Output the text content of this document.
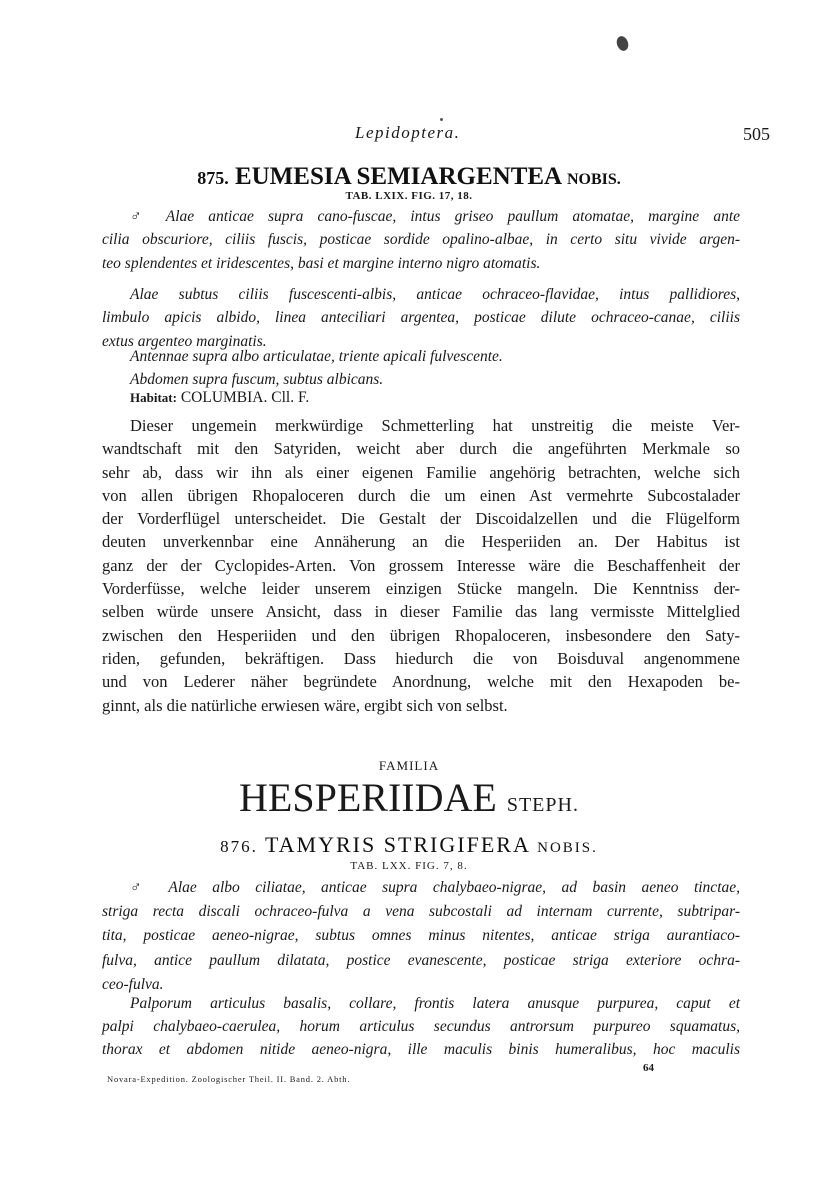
Lepidoptera.	505
875. EUMESIA SEMIARGENTEA NOBIS.
TAB. LXIX. FIG. 17, 18.
♂ Alae anticae supra cano-fuscae, intus griseo paullum atomatae, margine ante
cilia obscuriore, ciliis fuscis, posticae sordide opalino-albae, in certo situ vivide argen-
teo splendentes et iridescentes, basi et margine interno nigro atomatis.
Alae subtus ciliis fuscescenti-albis, anticae ochraceo-flavidae, intus pallidiores,
limbulo apicis albido, linea anteciliari argentea, posticae dilute ochraceo-canae, ciliis
extus argenteo marginatis.
Antennae supra albo articulatae, triente apicali fulvescente.
Abdomen supra fuscum, subtus albicans.
Habitat: COLUMBIA. Cll. F.
Dieser ungemein merkwürdige Schmetterling hat unstreitig die meiste Ver-
wandtschaft mit den Satyriden, weicht aber durch die angeführten Merkmale so
sehr ab, dass wir ihn als einer eigenen Familie angehörig betrachten, welche sich
von allen übrigen Rhopaloceren durch die um einen Ast vermehrte Subcostalader
der Vorderflügel unterscheidet. Die Gestalt der Discoidalzellen und die Flügelform
deuten unverkennbar eine Annäherung an die Hesperiiden an. Der Habitus ist
ganz der der Cyclopides-Arten. Von grossem Interesse wäre die Beschaffenheit der
Vorderfüsse, welche leider unserem einzigen Stücke mangeln. Die Kenntniss der-
selben würde unsere Ansicht, dass in dieser Familie das lang vermisste Mittelglied
zwischen den Hesperiiden und den übrigen Rhopaloceren, insbesondere den Saty-
riden, gefunden, bekräftigen. Dass hiedurch die von Boisduval angenommene
und von Lederer näher begründete Anordnung, welche mit den Hexapoden be-
ginnt, als die natürliche erwiesen wäre, ergibt sich von selbst.
FAMILIA
HESPERIIDAE STEPH.
876. TAMYRIS STRIGIFERA NOBIS.
TAB. LXX. FIG. 7, 8.
♂ Alae albo ciliatae, anticae supra chalybaeo-nigrae, ad basin aeneo tinctae,
striga recta discali ochraceo-fulva a vena subcostali ad internam currente, subtripar-
tita, posticae aeneo-nigrae, subtus omnes minus nitentes, anticae striga aurantiaco-
fulva, antice paullum dilatata, postice evanescente, posticae striga exteriore ochra-
ceo-fulva.
Palporum articulus basalis, collare, frontis latera anusque purpurea, caput et
palpi chalybaeo-caerulea, horum articulus secundus antrorsum purpureo squamatus,
thorax et abdomen nitide aeneo-nigra, ille maculis binis humeralibus, hoc maculis
Novara-Expedition. Zoologischer Theil. II. Band. 2. Abth.
64
